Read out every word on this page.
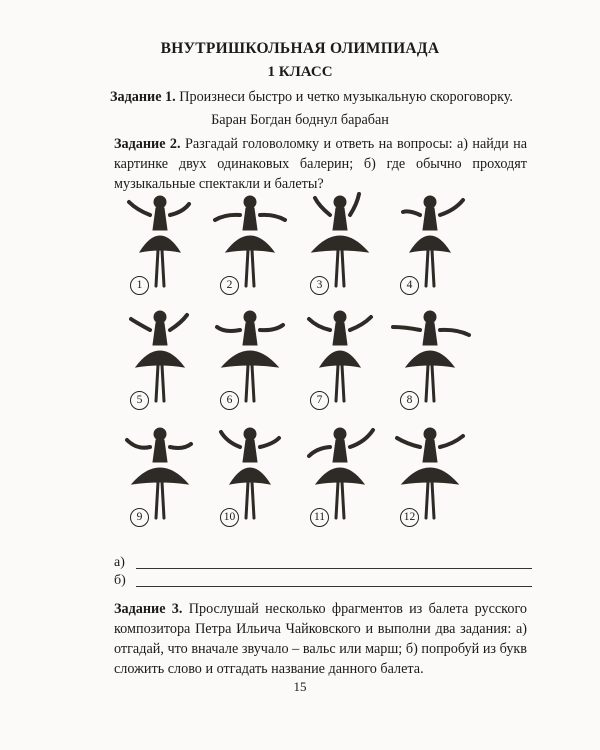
ВНУТРИШКОЛЬНАЯ ОЛИМПИАДА
1 КЛАСС
Задание 1. Произнеси быстро и четко музыкальную скороговорку.
Баран Богдан боднул барабан
Задание 2. Разгадай головоломку и ответь на вопросы: а) найди на картинке двух одинаковых балерин; б) где обычно проходят музыкальные спектакли и балеты?
1	2	3	4
5	6	7	8
9	10	11	12
а)
б)
Задание 3. Прослушай несколько фрагментов из балета русского композитора Петра Ильича Чайковского и выполни два задания: а) отгадай, что вначале звучало – вальс или марш; б) попробуй из букв сложить слово и отгадать название данного балета.
15
